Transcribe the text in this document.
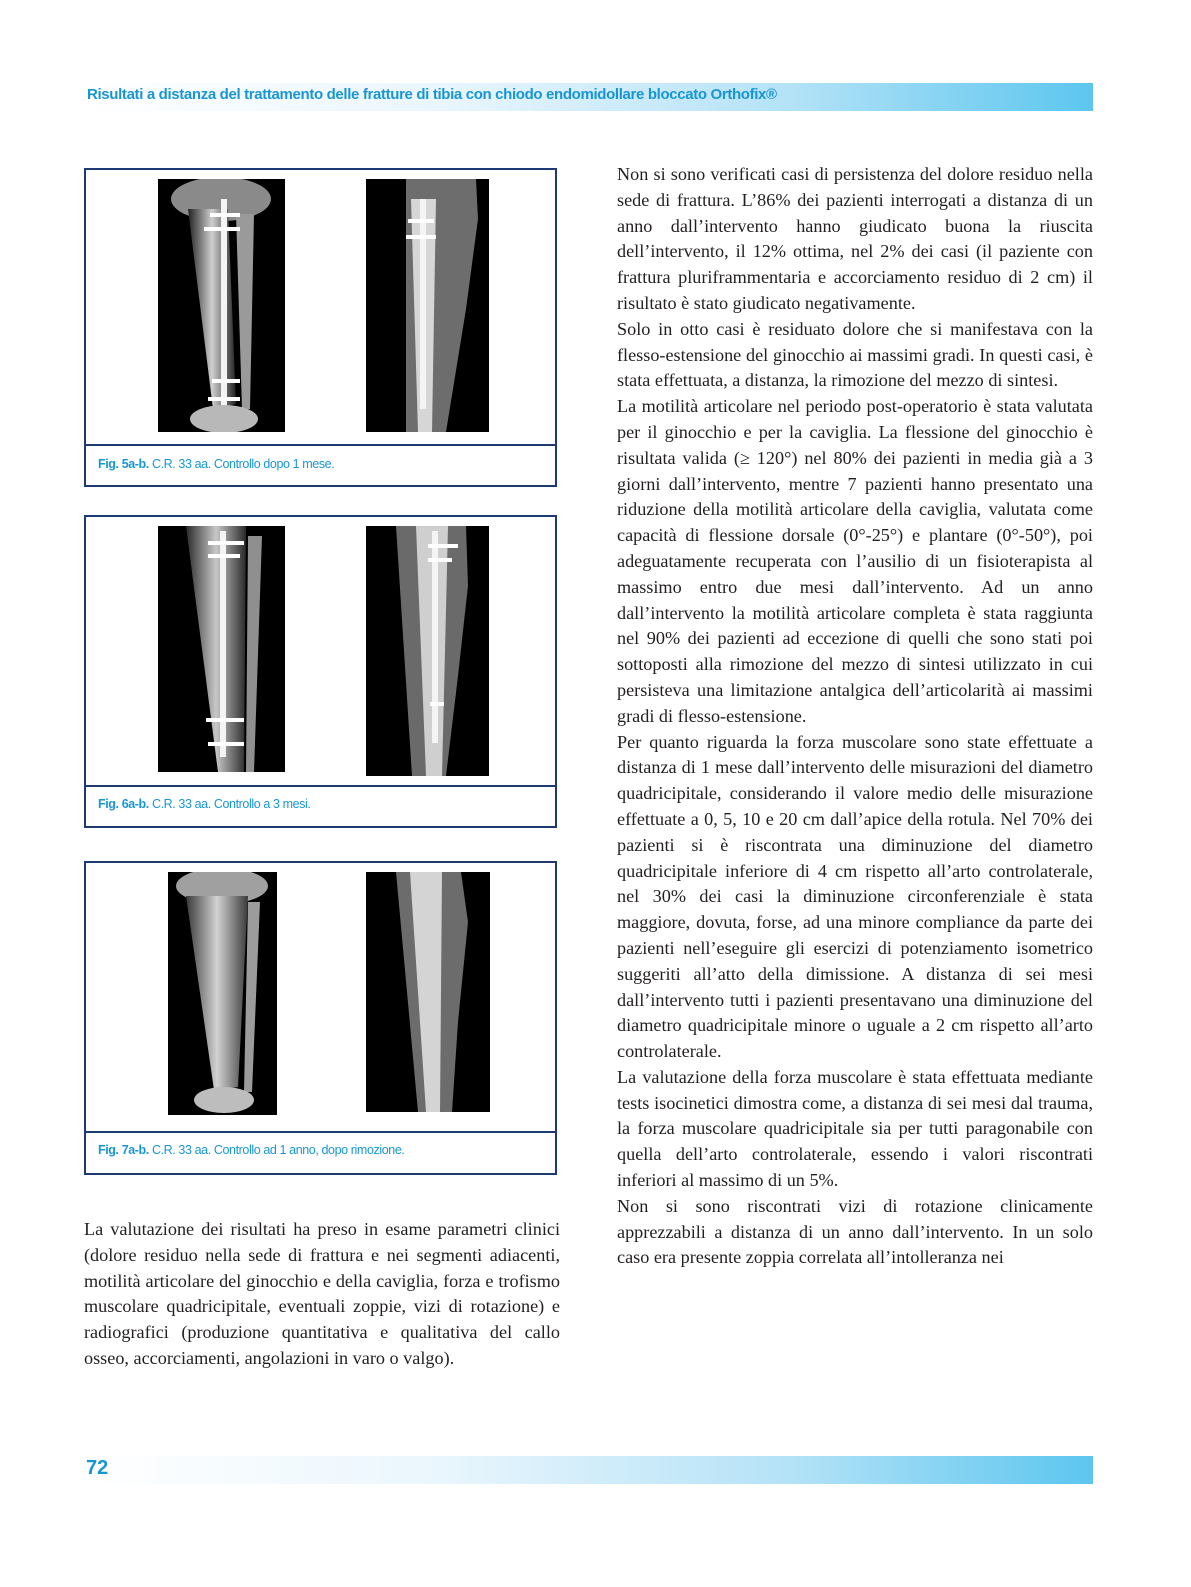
Risultati a distanza del trattamento delle fratture di tibia con chiodo endomidollare bloccato Orthofix®

Fig. 5a-b. C.R. 33 aa. Controllo dopo 1 mese.

Fig. 6a-b. C.R. 33 aa. Controllo a 3 mesi.

Fig. 7a-b. C.R. 33 aa. Controllo ad 1 anno, dopo rimozione.

La valutazione dei risultati ha preso in esame parametri clinici (dolore residuo nella sede di frattura e nei segmenti adiacenti, motilità articolare del ginocchio e della caviglia, forza e trofismo muscolare quadricipitale, eventuali zoppie, vizi di rotazione) e radiografici (produzione quantitativa e qualitativa del callo osseo, accorciamenti, angolazioni in varo o valgo).

Non si sono verificati casi di persistenza del dolore residuo nella sede di frattura. L’86% dei pazienti interrogati a distanza di un anno dall’intervento hanno giudicato buona la riuscita dell’intervento, il 12% ottima, nel 2% dei casi (il paziente con frattura pluriframmentaria e accorciamento residuo di 2 cm) il risultato è stato giudicato negativamente.

Solo in otto casi è residuato dolore che si manifestava con la flesso-estensione del ginocchio ai massimi gradi. In questi casi, è stata effettuata, a distanza, la rimozione del mezzo di sintesi.

La motilità articolare nel periodo post-operatorio è stata valutata per il ginocchio e per la caviglia. La flessione del ginocchio è risultata valida (≥ 120°) nel 80% dei pazienti in media già a 3 giorni dall’intervento, mentre 7 pazienti hanno presentato una riduzione della motilità articolare della caviglia, valutata come capacità di flessione dorsale (0°-25°) e plantare (0°-50°), poi adeguatamente recuperata con l’ausilio di un fisioterapista al massimo entro due mesi dall’intervento. Ad un anno dall’intervento la motilità articolare completa è stata raggiunta nel 90% dei pazienti ad eccezione di quelli che sono stati poi sottoposti alla rimozione del mezzo di sintesi utilizzato in cui persisteva una limitazione antalgica dell’articolarità ai massimi gradi di flesso-estensione.

Per quanto riguarda la forza muscolare sono state effettuate a distanza di 1 mese dall’intervento delle misurazioni del diametro quadricipitale, considerando il valore medio delle misurazione effettuate a 0, 5, 10 e 20 cm dall’apice della rotula. Nel 70% dei pazienti si è riscontrata una diminuzione del diametro quadricipitale inferiore di 4 cm rispetto all’arto controlaterale, nel 30% dei casi la diminuzione circonferenziale è stata maggiore, dovuta, forse, ad una minore compliance da parte dei pazienti nell’eseguire gli esercizi di potenziamento isometrico suggeriti all’atto della dimissione. A distanza di sei mesi dall’intervento tutti i pazienti presentavano una diminuzione del diametro quadricipitale minore o uguale a 2 cm rispetto all’arto controlaterale.

La valutazione della forza muscolare è stata effettuata mediante tests isocinetici dimostra come, a distanza di sei mesi dal trauma, la forza muscolare quadricipitale sia per tutti paragonabile con quella dell’arto controlaterale, essendo i valori riscontrati inferiori al massimo di un 5%.

Non si sono riscontrati vizi di rotazione clinicamente apprezzabili a distanza di un anno dall’intervento. In un solo caso era presente zoppia correlata all’intolleranza nei

72
